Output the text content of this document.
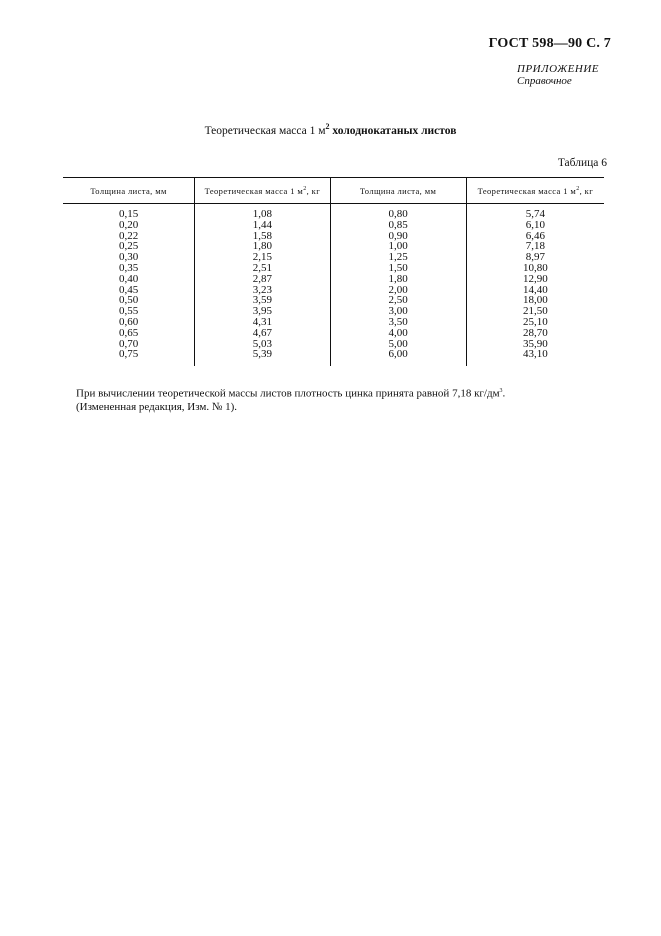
ГОСТ 598—90 С. 7
ПРИЛОЖЕНИЕ
Справочное
Теоретическая масса 1 $м^2$ холоднокатаных листов
Таблица 6
Толщина листа, мм	Теоретическая масса 1 $м^2$, кг	Толщина листа, мм	Теоретическая масса 1 $м^2$, кг
0,15	1,08	0,80	5,74
0,20	1,44	0,85	6,10
0,22	1,58	0,90	6,46
0,25	1,80	1,00	7,18
0,30	2,15	1,25	8,97
0,35	2,51	1,50	10,80
0,40	2,87	1,80	12,90
0,45	3,23	2,00	14,40
0,50	3,59	2,50	18,00
0,55	3,95	3,00	21,50
0,60	4,31	3,50	25,10
0,65	4,67	4,00	28,70
0,70	5,03	5,00	35,90
0,75	5,39	6,00	43,10
При вычислении теоретической массы листов плотность цинка принята равной 7,18 $кг/дм^3$.
(Измененная редакция, Изм. № 1).
